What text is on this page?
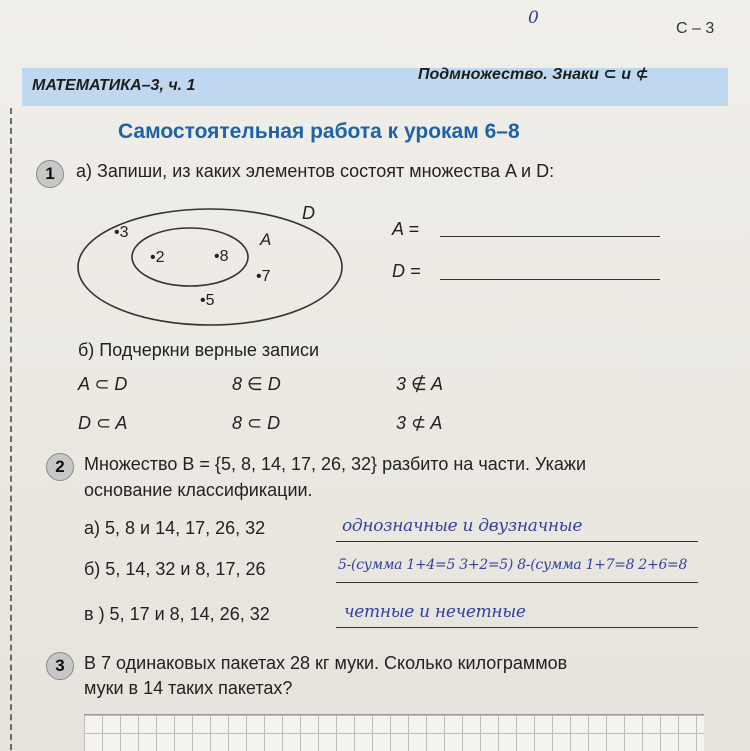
0
С – 3
МАТЕМАТИКА–3, ч. 1
Подмножество. Знаки ⊂ и ⊄
Самостоятельная работа к урокам 6–8
1	а) Запиши, из каких элементов состоят множества A и D:
D
A
•3
•2	•8
•7
•5
A =
D =
б) Подчеркни верные записи
A ⊂ D	8 ∈ D	3 ∉ A
D ⊂ A	8 ⊂ D	3 ⊄ A
2	Множество B = {5, 8, 14, 17, 26, 32} разбито на части. Укажи
основание классификации.
а) 5, 8 и 14, 17, 26, 32	однозначные и двузначные
б) 5, 14, 32 и 8, 17, 26	5-(сумма 1+4=5 3+2=5) 8-(сумма 1+7=8 2+6=8
в ) 5, 17 и 8, 14, 26, 32	четные и нечетные
3	В 7 одинаковых пакетах 28 кг муки. Сколько килограммов
муки в 14 таких пакетах?
